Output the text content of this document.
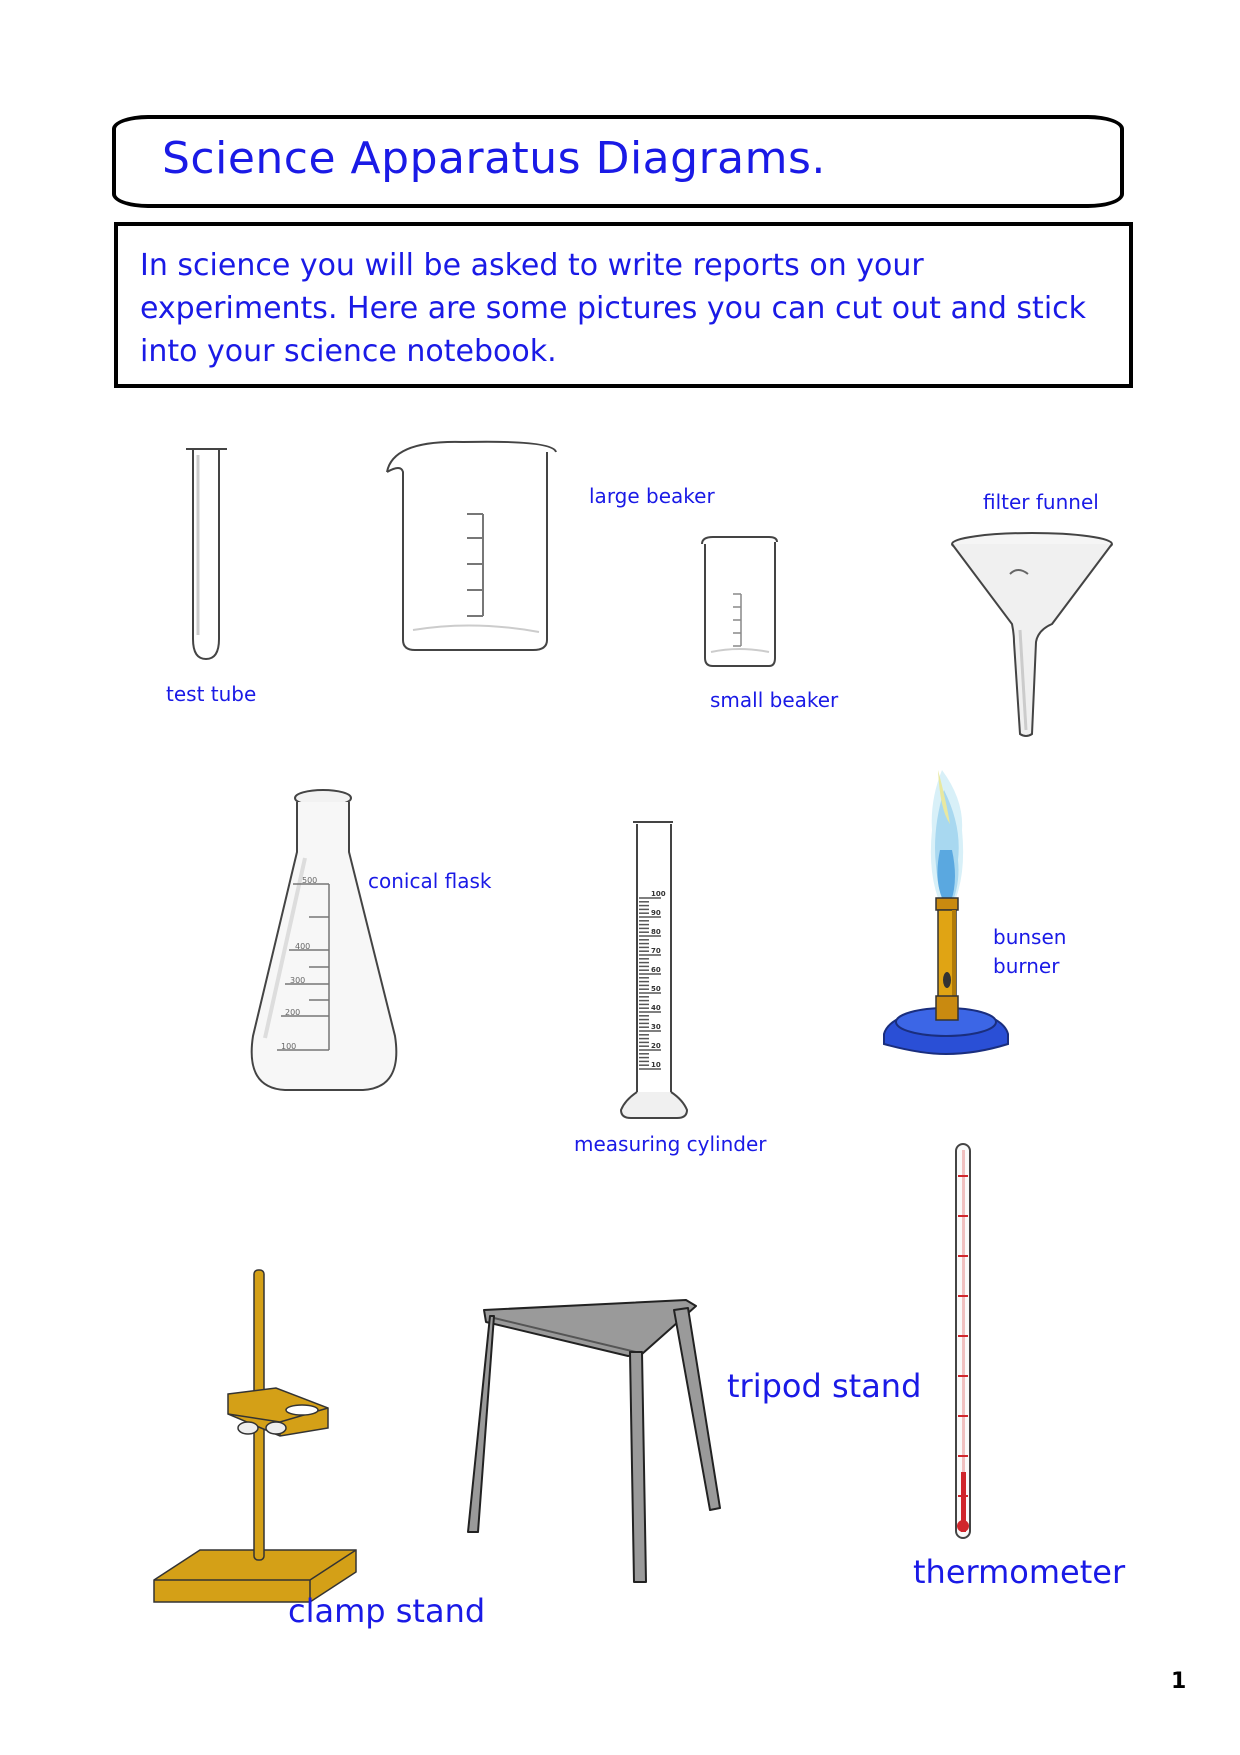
Science Apparatus Diagrams.

In science you will be asked to write reports on your experiments. Here are some pictures you can cut out and stick into your science notebook.

test tube

large beaker

small beaker

filter funnel

500
400
300
200
100

conical flask

100
90
80
70
60
50
40
30
20
10

measuring cylinder

bunsen

burner

thermometer

clamp stand

tripod stand

1
